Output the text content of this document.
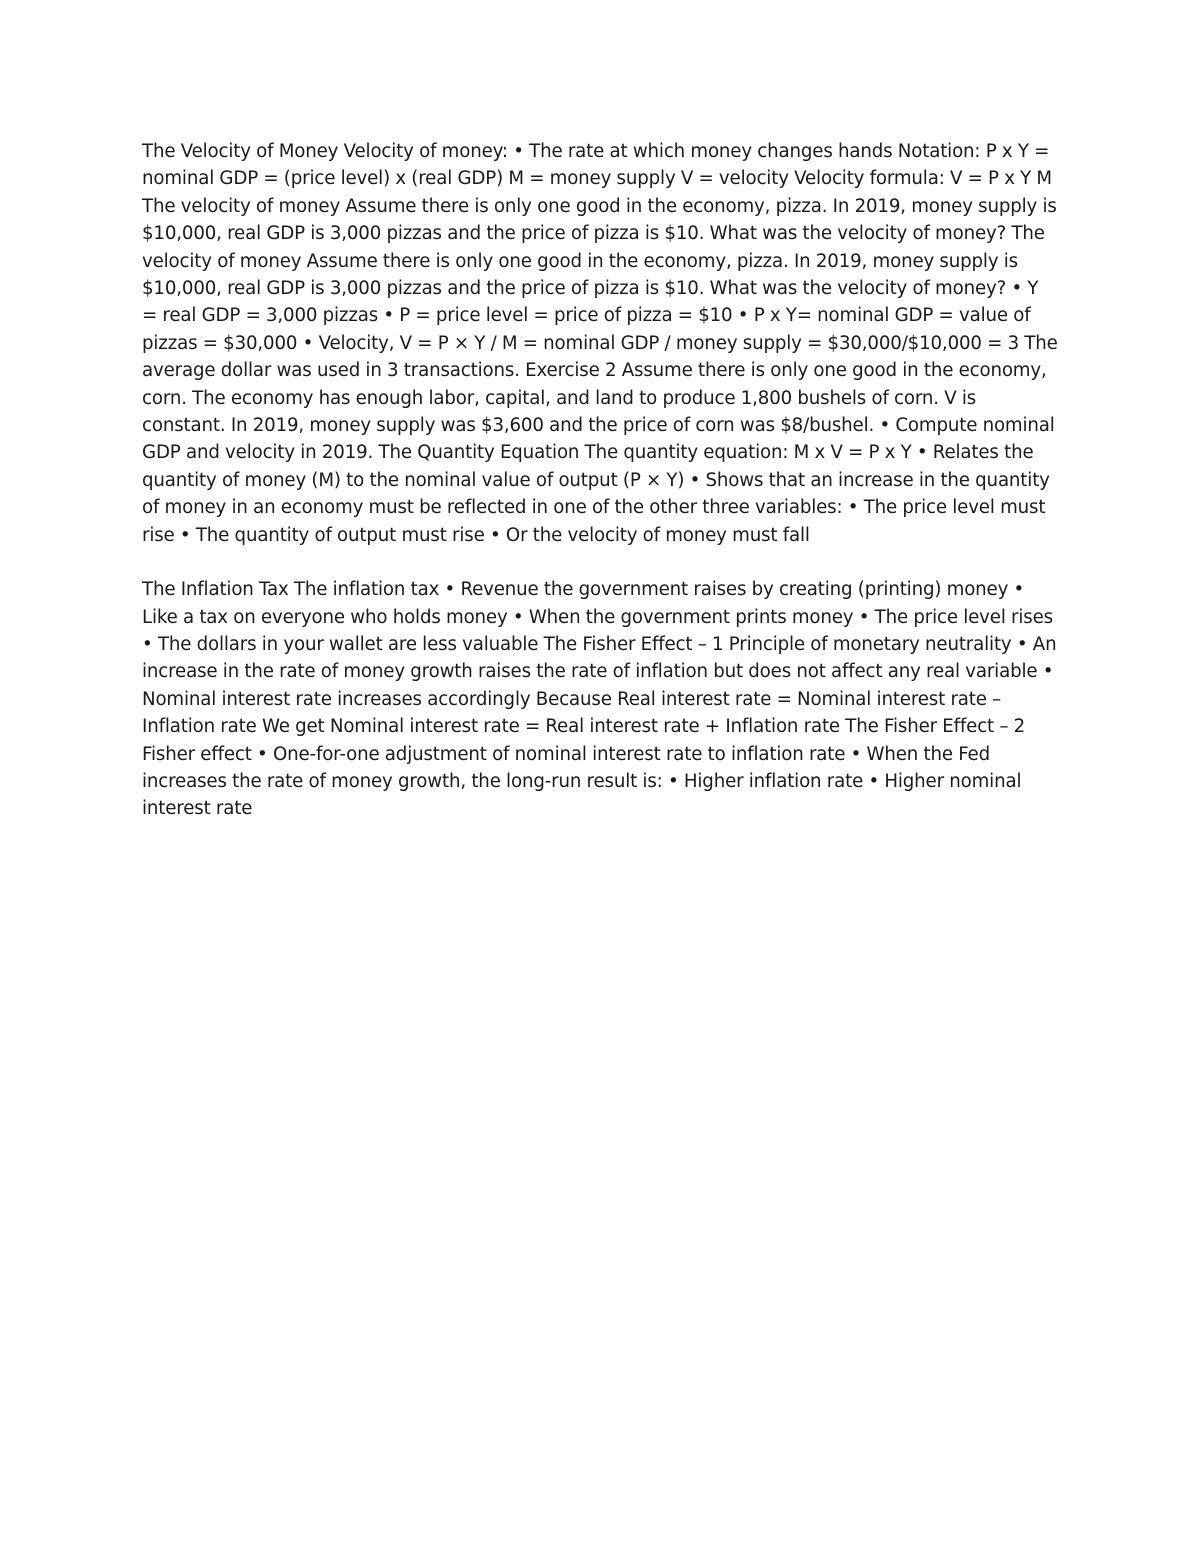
The Velocity of Money Velocity of money: • The rate at which money changes hands Notation: P x Y = nominal GDP = (price level) x (real GDP) M = money supply V = velocity Velocity formula: V = P x Y M The velocity of money Assume there is only one good in the economy, pizza. In 2019, money supply is $10,000, real GDP is 3,000 pizzas and the price of pizza is $10. What was the velocity of money? The velocity of money Assume there is only one good in the economy, pizza. In 2019, money supply is $10,000, real GDP is 3,000 pizzas and the price of pizza is $10. What was the velocity of money? • Y = real GDP = 3,000 pizzas • P = price level = price of pizza = $10 • P x Y= nominal GDP = value of pizzas = $30,000 • Velocity, V = P × Y / M = nominal GDP / money supply = $30,000/$10,000 = 3 The average dollar was used in 3 transactions. Exercise 2 Assume there is only one good in the economy, corn. The economy has enough labor, capital, and land to produce 1,800 bushels of corn. V is constant. In 2019, money supply was $3,600 and the price of corn was $8/bushel. • Compute nominal GDP and velocity in 2019. The Quantity Equation The quantity equation: M x V = P x Y • Relates the quantity of money (M) to the nominal value of output (P × Y) • Shows that an increase in the quantity of money in an economy must be reflected in one of the other three variables: • The price level must rise • The quantity of output must rise • Or the velocity of money must fall

The Inflation Tax The inflation tax • Revenue the government raises by creating (printing) money • Like a tax on everyone who holds money • When the government prints money • The price level rises • The dollars in your wallet are less valuable The Fisher Effect – 1 Principle of monetary neutrality • An increase in the rate of money growth raises the rate of inflation but does not affect any real variable • Nominal interest rate increases accordingly Because Real interest rate = Nominal interest rate – Inflation rate We get Nominal interest rate = Real interest rate + Inflation rate The Fisher Effect – 2 Fisher effect • One-for-one adjustment of nominal interest rate to inflation rate • When the Fed increases the rate of money growth, the long-run result is: • Higher inflation rate • Higher nominal interest rate
